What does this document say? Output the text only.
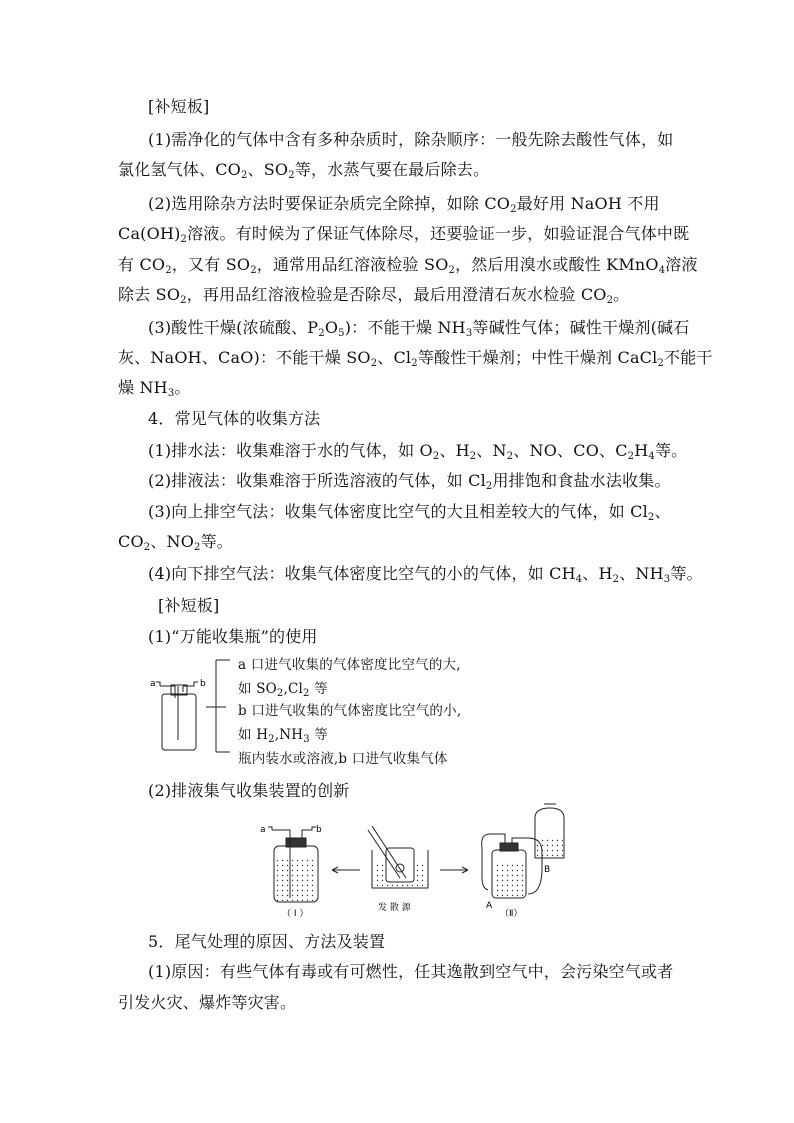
[补短板]
(1)需净化的气体中含有多种杂质时，除杂顺序：一般先除去酸性气体，如
氯化氢气体、$CO_2$、$SO_2$等，水蒸气要在最后除去。
(2)选用除杂方法时要保证杂质完全除掉，如除 $CO_2$最好用 NaOH 不用
$Ca(OH)_2$溶液。有时候为了保证气体除尽，还要验证一步，如验证混合气体中既
有 $CO_2$，又有 $SO_2$，通常用品红溶液检验 $SO_2$，然后用溴水或酸性 KMnO$_4$溶液
除去 $SO_2$，再用品红溶液检验是否除尽，最后用澄清石灰水检验 $CO_2$。
(3)酸性干燥(浓硫酸、$P_2O_5$)：不能干燥 $NH_3$等碱性气体；碱性干燥剂(碱石
灰、NaOH、CaO)：不能干燥 $SO_2$、$Cl_2$等酸性干燥剂；中性干燥剂 CaCl$_2$不能干
燥 $NH_3$。
4．常见气体的收集方法
(1)排水法：收集难溶于水的气体，如 $O_2$、$H_2$、$N_2$、NO、CO、$C_2H_4$等。
(2)排液法：收集难溶于所选溶液的气体，如 $Cl_2$用排饱和食盐水法收集。
(3)向上排空气法：收集气体密度比空气的大且相差较大的气体，如 $Cl_2$、
$CO_2$、$NO_2$等。
(4)向下排空气法：收集气体密度比空气的小的气体，如 $CH_4$、$H_2$、$NH_3$等。
[补短板]
(1)“万能收集瓶”的使用
a	b
a 口进气收集的气体密度比空气的大,
如 $SO_2,Cl_2$ 等
b 口进气收集的气体密度比空气的小,
如 $H_2,NH_3$ 等
瓶内装水或溶液,b 口进气收集气体
(2)排液集气收集装置的创新
a	b
（ I ）
发 散 源	A
B
（Ⅱ）
5．尾气处理的原因、方法及装置
(1)原因：有些气体有毒或有可燃性，任其逸散到空气中，会污染空气或者
引发火灾、爆炸等灾害。
